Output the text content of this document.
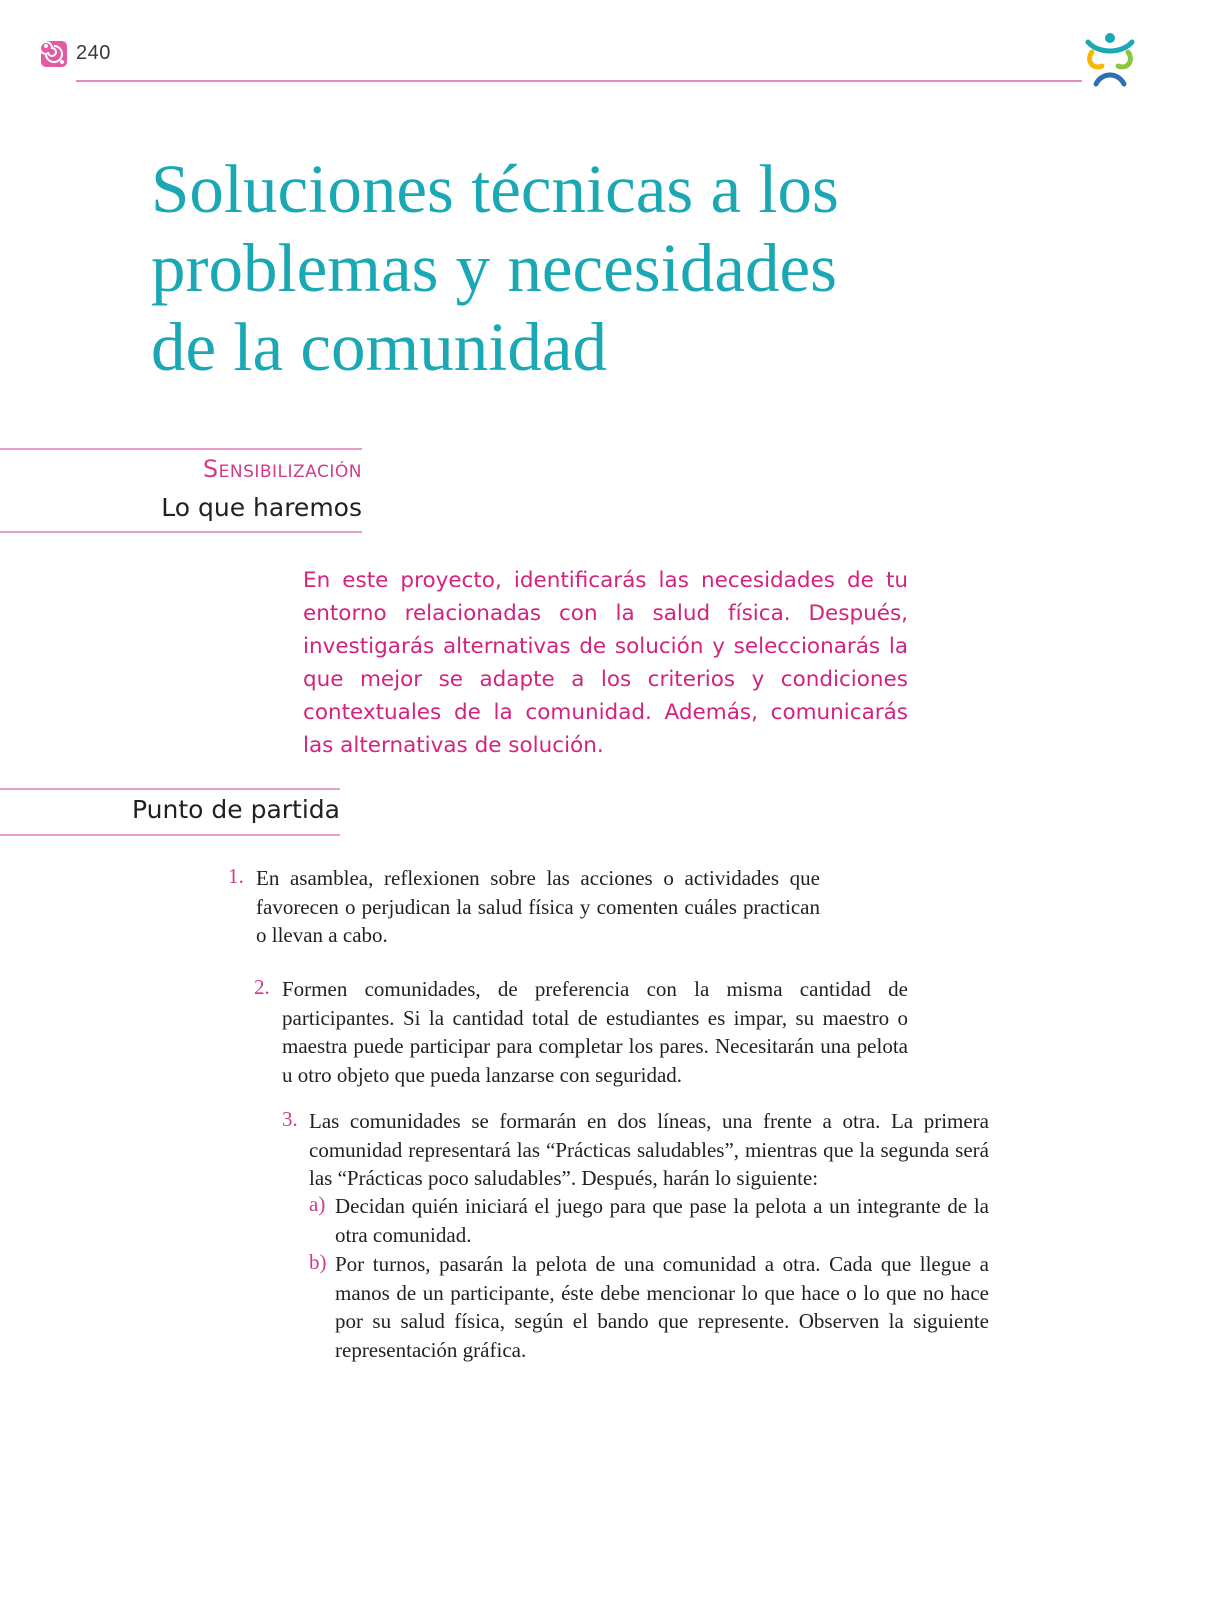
240
Soluciones técnicas a los
problemas y necesidades
de la comunidad
Sensibilización
Lo que haremos

En este proyecto, identificarás las necesidades de tu entorno relacionadas con la salud física. Después, investigarás alternativas de solución y seleccionarás la que mejor se adapte a los criterios y condiciones contextuales de la comunidad. Además, comunicarás las alternativas de solución.

Punto de partida
1. En asamblea, reflexionen sobre las acciones o actividades que favorecen o perjudican la salud física y comenten cuáles practican o llevan a cabo.

2. Formen comunidades, de preferencia con la misma cantidad de participantes. Si la cantidad total de estudiantes es impar, su maestro o maestra puede participar para completar los pares. Necesitarán una pelota u otro objeto que pueda lanzarse con seguridad.

3. Las comunidades se formarán en dos líneas, una frente a otra. La primera comunidad representará las “Prácticas saludables”, mientras que la segunda será las “Prácticas poco saludables”. Después, harán lo siguiente:

a) Decidan quién iniciará el juego para que pase la pelota a un integrante de la otra comunidad.

b) Por turnos, pasarán la pelota de una comunidad a otra. Cada que llegue a manos de un participante, éste debe mencionar lo que hace o lo que no hace por su salud física, según el bando que represente. Observen la siguiente representación gráfica.
